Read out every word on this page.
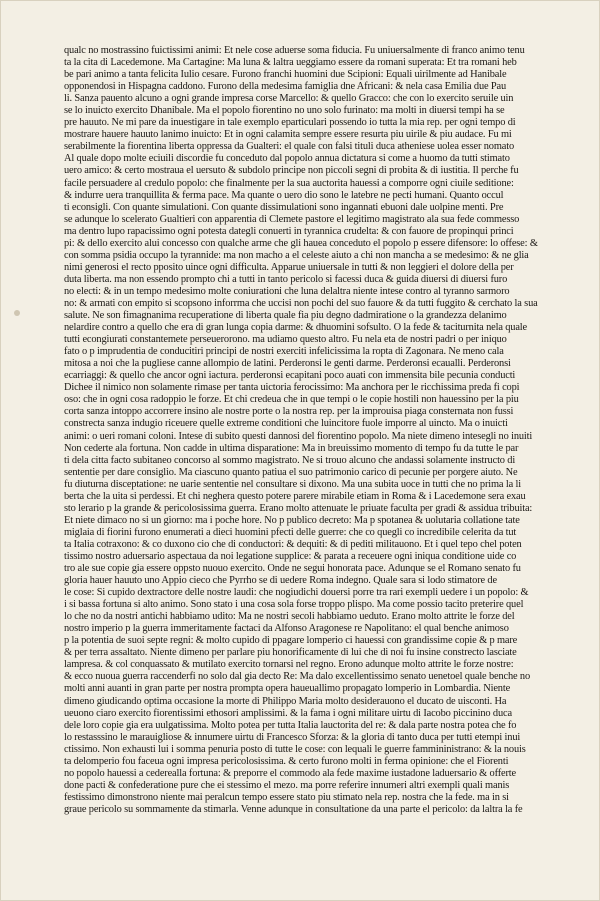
qualc no mostrassino fuictissimi animi: Et nele cose aduerse soma fiducia. Fu uniuersalmente di franco animo tenu
ta la cita di Lacedemone. Ma Cartagine: Ma luna & laltra ueggiamo essere da romani superata: Et tra romani heb
be pari animo a tanta felicita Iulio cesare. Furono franchi huomini due Scipioni: Equali uirilmente ad Hanibale
opponendosi in Hispagna caddono. Furono della medesima famiglia dne Africani: & nela casa Emilia due Pau
li. Sanza pauento alcuno a ogni grande impresa corse Marcello: & quello Gracco: che con lo exercito seruile uin
se lo inuicto exercito Dhanibale. Ma el popolo fiorentino no uno solo furinato: ma molti in diuersi tempi ha se
pre hauuto. Ne mi pare da inuestigare in tale exemplo eparticulari possendo io tutta la mia rep. per ogni tempo di
mostrare hauere hauuto lanimo inuicto: Et in ogni calamita sempre essere resurta piu uirile & piu audace. Fu mi
serabilmente la fiorentina liberta oppressa da Gualteri: el quale con falsi tituli duca atheniese uolea esser nomato
Al quale dopo molte eciuili discordie fu conceduto dal popolo annua dictatura si come a huomo da tutti stimato
uero amico: & certo mostraua el uersuto & subdolo principe non piccoli segni di probita & di iustitia. Il perche fu
facile persuadere al credulo popolo: che finalmente per la sua auctorita hauessi a comporre ogni ciuile seditione:
& indurre uera tranquillita & ferma pace. Ma quante o uero dio sono le latebre ne pecti humani. Quanto occul
ti econsigli. Con quante simulationi. Con quante dissimulationi sono ingannati ebuoni dale uolpine menti. Pre
se adunque lo scelerato Gualtieri con apparentia di Clemete pastore el legitimo magistrato ala sua fede commesso
ma dentro lupo rapacissimo ogni potesta dategli conuerti in tyrannica crudelta: & con fauore de propinqui princi
pi: & dello exercito alui concesso con qualche arme che gli hauea conceduto el popolo p essere difensore: lo offese: &
con somma psidia occupo la tyrannide: ma non macho a el celeste aiuto a chi non mancha a se medesimo: & ne glia
nimi generosi el recto pposito uince ogni difficulta. Apparue uniuersale in tutti & non leggieri el dolore della per
duta liberta. ma non essendo prompto chi a tutti in tanto pericolo si facessi duca & guida diuersi di diuersi furo
no electi: & in un tempo medesimo molte coniurationi che luna delaltra niente intese contro al tyranno sarmoro
no: & armati con empito si scopsono inforrma che uccisi non pochi del suo fauore & da tutti fuggito & cerchato la sua
salute. Ne son fimagnanima recuperatione di liberta quale fia piu degno dadmiratione o la grandezza delanimo
nelardire contro a quello che era di gran lunga copia darme: & dhuomini sofsulto. O la fede & taciturnita nela quale
tutti econgiurati constantemete perseuerorono. ma udiamo questo altro. Fu nela eta de nostri padri o per iniquo
fato o p imprudentia de conducitiri principi de nostri exerciti infelicissima la ropta di Zagonara. Ne meno cala
mitosa a noi che la pugliese canne allompio de latini. Perderonsi le genti darme. Perderonsi ecaualli. Perderonsi
ecarriaggi: & quello che ancor ogni iactura. perderonsi ecapitani poco auati con immensita bile pecunia conducti
Dichee il nimico non solamente rimase per tanta uictoria ferocissimo: Ma anchora per le ricchissima preda fi copi
oso: che in ogni cosa radoppio le forze. Et chi credeua che in que tempi o le copie hostili non hauessino per la piu
corta sanza intoppo accorrere insino ale nostre porte o la nostra rep. per la improuisa piaga consternata non fussi
constrecta sanza indugio riceuere quelle extreme conditioni che luincitore fuole imporre al uincto. Ma o inuicti
animi: o ueri romani coloni. Intese di subito questi dannosi del fiorentino popolo. Ma niete dimeno intesegli no inuiti
Non cederte ala fortuna. Non cadde in ultima disparatione: Ma in breuissimo momento di tempo fu da tutte le par
ti dela citta facto subitaneo concorso al sommo magistrato. Ne si trouo alcuno che andassi solamente instructo di
sententie per dare consiglio. Ma ciascuno quanto patiua el suo patrimonio carico di pecunie per porgere aiuto. Ne
fu diuturna disceptatione: ne uarie sententie nel consultare si dixono. Ma una subita uoce in tutti che no prima la li
berta che la uita si perdessi. Et chi neghera questo potere parere mirabile etiam in Roma & i Lacedemone sera exau
sto lerario p la grande & pericolosissima guerra. Erano molto attenuate le priuate faculta per gradi & assidua tribuita:
Et niete dimaco no si un giorno: ma i poche hore. No p publico decreto: Ma p spotanea & uolutaria collatione tate
miglaia di fiorini furono enumerati a dieci huomini pfecti delle guerre: che co quegli co incredibile celerita da tut
ta Italia cotraxono: & co duxono cio che di conductori: & dequiti: & di pediti militauono. Et i quel tepo chel poten
tissimo nostro aduersario aspectaua da noi legatione supplice: & parata a receuere ogni iniqua conditione uide co
tro ale sue copie gia essere oppsto nuouo exercito. Onde ne segui honorata pace. Adunque se el Romano senato fu
gloria hauer hauuto uno Appio cieco che Pyrrho se di uedere Roma indegno. Quale sara si lodo stimatore de
le cose: Si cupido dextractore delle nostre laudi: che nogiudichi douersi porre tra rari exempli uedere i un popolo: &
i si bassa fortuna si alto animo. Sono stato i una cosa sola forse troppo plispo. Ma come possio tacito preterire quel
lo che no da nostri antichi habbiamo udito: Ma ne nostri secoli habbiamo ueduto. Erano molto attrite le forze del
nostro imperio p la guerra immeritamente factaci da Alfonso Aragonese re Napolitano: el qual benche animoso
p la potentia de suoi septe regni: & molto cupido di ppagare lomperio ci hauessi con grandissime copie & p mare
& per terra assaltato. Niente dimeno per parlare piu honorificamente di lui che di noi fu insine constrecto lasciate
lampresa. & col conquassato & mutilato exercito tornarsi nel regno. Erono adunque molto attrite le forze nostre:
& ecco nuoua guerra raccenderfi no solo dal gia decto Re: Ma dalo excellentissimo senato uenetoel quale benche no
molti anni auanti in gran parte per nostra prompta opera haueuallimo propagato lomperio in Lombardia. Niente
dimeno giudicando optima occasione la morte di Philippo Maria molto desiderauono el ducato de uisconti. Ha
ueuono ciaro exercito fiorentissimi ethosori amplissimi. & la fama i ogni militare uirtu di Iacobo piccinino duca
dele loro copie gia era uulgatissima. Molto potea per tutta Italia lauctorita del re: & dala parte nostra potea che fo
lo restasssino le marauigliose & innumere uirtu di Francesco Sforza: & la gloria di tanto duca per tutti etempi inui
ctissimo. Non exhausti lui i somma penuria posto di tutte le cose: con lequali le guerre fammininistrano: & la nouis
ta delomperio fou faceua ogni impresa pericolosissima. & certo furono molti in ferma opinione: che el Fiorenti
no popolo hauessi a cederealla fortuna: & preporre el commodo ala fede maxime iustadone laduersario & offerte
done pacti & confederatione pure che ei stessimo el mezo. ma porre referire innumeri altri exempli quali manis
festissimo dimonstrono niente mai peralcun tempo essere stato piu stimato nela rep. nostra che la fede. ma in si
graue pericolo su sommamente da stimarla. Venne adunque in consultatione da una parte el pericolo: da laltra la fe
